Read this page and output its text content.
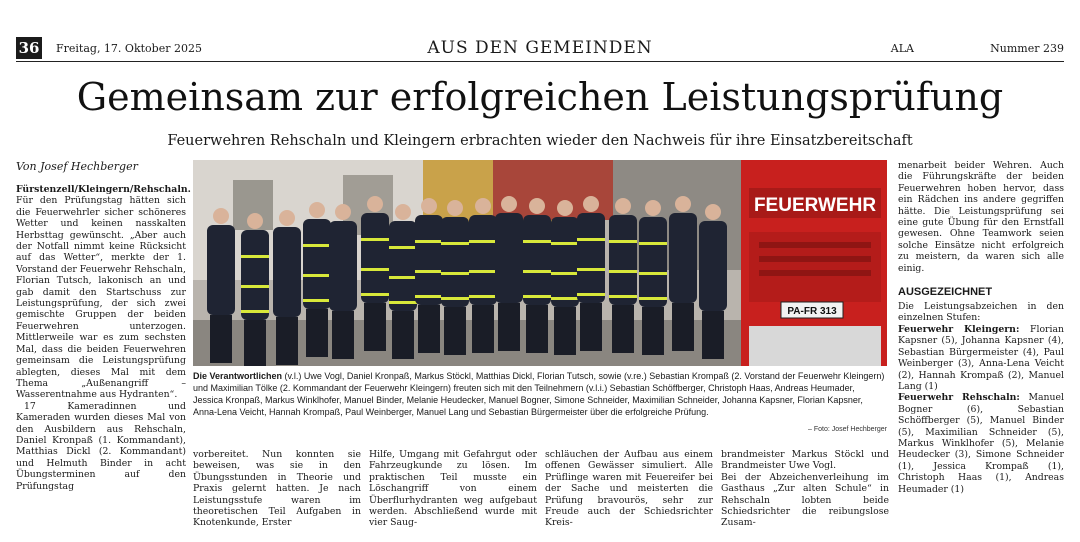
36 Freitag, 17. Oktober 2025	AUS DEN GEMEINDEN	ALA	Nummer 239
Gemeinsam zur erfolgreichen Leistungsprüfung
Feuerwehren Rehschaln und Kleingern erbrachten wieder den Nachweis für ihre Einsatzbereitschaft
Von Josef Hechberger

Fürstenzell/Kleingern/Rehschaln. Für den Prüfungstag hätten sich die Feuerwehrler sicher schöneres Wetter und keinen nasskalten Herbsttag gewünscht. „Aber auch der Notfall nimmt keine Rücksicht auf das Wetter“, merkte der 1. Vorstand der Feuerwehr Rehschaln, Florian Tutsch, lakonisch an und gab damit den Startschuss zur Leistungsprüfung, der sich zwei gemischte Gruppen der beiden Feuerwehren unterzogen. Mittlerweile war es zum sechsten Mal, dass die beiden Feuerwehren gemeinsam die Leistungsprüfung ablegten, dieses Mal mit dem Thema „Außenangriff – Wasserentnahme aus Hydranten“.

17 Kameradinnen und Kameraden wurden dieses Mal von den Ausbildern aus Rehschaln, Daniel Kronpaß (1. Kommandant), Matthias Dickl (2. Kommandant) und Helmuth Binder in acht Übungsterminen auf den Prüfungstag

FEUERWEHR
PA-FR 313
Die Verantwortlichen (v.l.) Uwe Vogl, Daniel Kronpaß, Markus Stöckl, Matthias Dickl, Florian Tutsch, sowie (v.re.) Sebastian Krompaß (2. Vorstand der Feuerwehr Kleingern) und Maximilian Tölke (2. Kommandant der Feuerwehr Kleingern) freuten sich mit den Teilnehmern (v.l.i.) Sebastian Schöffberger, Christoph Haas, Andreas Heumader, Jessica Kronpaß, Markus Winklhofer, Manuel Binder, Melanie Heudecker, Manuel Bogner, Simone Schneider, Maximilian Schneider, Johanna Kapsner, Florian Kapsner, Anna-Lena Veicht, Hannah Krompaß, Paul Weinberger, Manuel Lang und Sebastian Bürgermeister über die erfolgreiche Prüfung.
– Foto: Josef Hechberger

vorbereitet. Nun konnten sie beweisen, was sie in den Übungsstunden in Theorie und Praxis gelernt hatten. Je nach Leistungsstufe waren im theoretischen Teil Aufgaben in Knotenkunde, Erster

Hilfe, Umgang mit Gefahrgut oder Fahrzeugkunde zu lösen. Im praktischen Teil musste ein Löschangriff von einem Überflurhydranten weg aufgebaut werden. Abschließend wurde mit vier Saug-

schläuchen der Aufbau aus einem offenen Gewässer simuliert. Alle Prüflinge waren mit Feuereifer bei der Sache und meisterten die Prüfung bravourös, sehr zur Freude auch der Schiedsrichter Kreis-

brandmeister Markus Stöckl und Brandmeister Uwe Vogl.
Bei der Abzeichenverleihung im Gasthaus „Zur alten Schule“ in Rehschaln lobten beide Schiedsrichter die reibungslose Zusam-

menarbeit beider Wehren. Auch die Führungskräfte der beiden Feuerwehren hoben hervor, dass ein Rädchen ins andere gegriffen hätte. Die Leistungsprüfung sei eine gute Übung für den Ernstfall gewesen. Ohne Teamwork seien solche Einsätze nicht erfolgreich zu meistern, da waren sich alle einig.

AUSGEZEICHNET

Die Leistungsabzeichen in den einzelnen Stufen:

Feuerwehr Kleingern: Florian Kapsner (5), Johanna Kapsner (4), Sebastian Bürgermeister (4), Paul Weinberger (3), Anna-Lena Veicht (2), Hannah Krompaß (2), Manuel Lang (1)

Feuerwehr Rehschaln: Manuel Bogner (6), Sebastian Schöffberger (5), Manuel Binder (5), Maximilian Schneider (5), Markus Winklhofer (5), Melanie Heudecker (3), Simone Schneider (1), Jessica Krompaß (1), Christoph Haas (1), Andreas Heumader (1)
